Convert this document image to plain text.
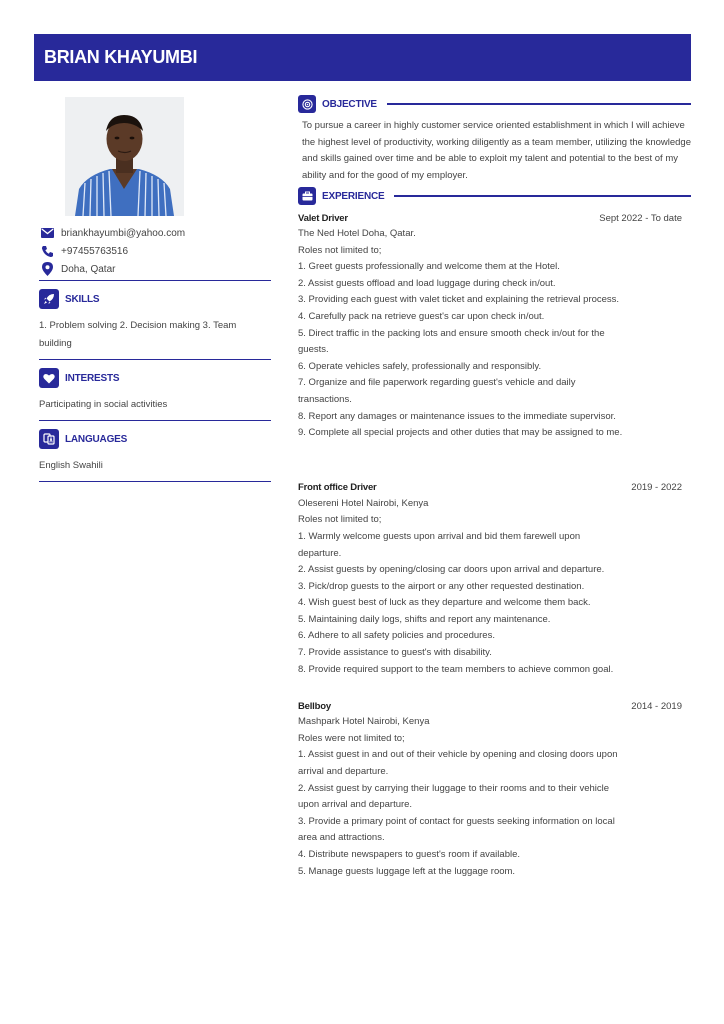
BRIAN KHAYUMBI
briankhayumbi@yahoo.com
+97455763516
Doha, Qatar
SKILLS
1. Problem solving 2. Decision making 3. Team building
INTERESTS
Participating in social activities
LANGUAGES
English Swahili
OBJECTIVE
To pursue a career in highly customer service oriented establishment in which I will achieve the highest level of productivity, working diligently as a team member, utilizing the knowledge and skills gained over time and be able to exploit my talent and potential to the best of my ability and for the good of my employer.
EXPERIENCE
Valet Driver	Sept 2022 - To date
The Ned Hotel Doha, Qatar.
Roles not limited to;
1. Greet guests professionally and welcome them at the Hotel.
2. Assist guests offload and load luggage during check in/out.
3. Providing each guest with valet ticket and explaining the retrieval process.
4. Carefully pack na retrieve guest's car upon check in/out.
5. Direct traffic in the packing lots and ensure smooth check in/out for the guests.
6. Operate vehicles safely, professionally and responsibly.
7. Organize and file paperwork regarding guest's vehicle and daily transactions.
8. Report any damages or maintenance issues to the immediate supervisor.
9. Complete all special projects and other duties that may be assigned to me.
Front office Driver	2019 - 2022
Olesereni Hotel Nairobi, Kenya
Roles not limited to;
1. Warmly welcome guests upon arrival and bid them farewell upon departure.
2. Assist guests by opening/closing car doors upon arrival and departure.
3. Pick/drop guests to the airport or any other requested destination.
4. Wish guest best of luck as they departure and welcome them back.
5. Maintaining daily logs, shifts and report any maintenance.
6. Adhere to all safety policies and procedures.
7. Provide assistance to guest's with disability.
8. Provide required support to the team members to achieve common goal.
Bellboy	2014 - 2019
Mashpark Hotel Nairobi, Kenya
Roles were not limited to;
1. Assist guest in and out of their vehicle by opening and closing doors upon arrival and departure.
2. Assist guest by carrying their luggage to their rooms and to their vehicle upon arrival and departure.
3. Provide a primary point of contact for guests seeking information on local area and attractions.
4. Distribute newspapers to guest's room if available.
5. Manage guests luggage left at the luggage room.
